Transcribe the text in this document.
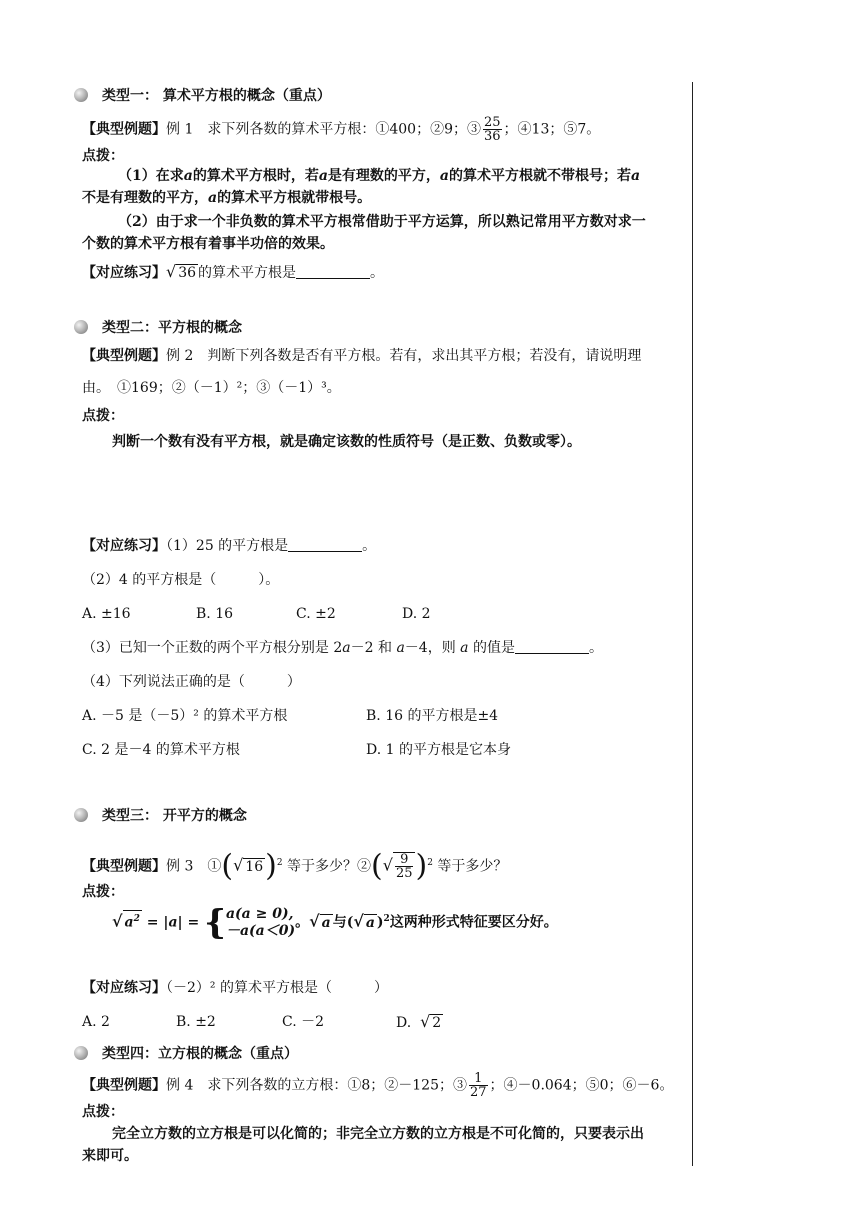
类型一： 算术平方根的概念（重点）
【典型例题】例 1　求下列各数的算术平方根：①400；②9；③ $\frac{25}{36}$ ；④13；⑤7。
点拨：
（1）在求a的算术平方根时，若a是有理数的平方，a的算术平方根就不带根号；若a
不是有理数的平方，a的算术平方根就带根号。
（2）由于求一个非负数的算术平方根常借助于平方运算，所以熟记常用平方数对求一
个数的算术平方根有着事半功倍的效果。
【对应练习】√ 36 的算术平方根是	。
类型二：平方根的概念
【典型例题】例 2　判断下列各数是否有平方根。若有，求出其平方根；若没有，请说明理
由。　①169；②（－1）²；③（－1）³。
点拨：
判断一个数有没有平方根，就是确定该数的性质符号（是正数、负数或零）。
【对应练习】（1）25 的平方根是	。
（2）4 的平方根是（　　　）。
A. ±16	B. 16	C. ±2	D. 2
（3）已知一个正数的两个平方根分别是 2a－2 和 a－4，则 a 的值是	。
（4）下列说法正确的是（　　　）
A. －5 是（－5）² 的算术平方根	B. 16 的平方根是±4
C. 2 是－4 的算术平方根	D. 1 的平方根是它本身
类型三： 开平方的概念
【典型例题】例 3　①(√ 16)$^2$ 等于多少？②(√ $\frac{9}{25} )^2$ 等于多少？
点拨：
√ $a^2 = |a|$ = { a(a ≥ 0),
－a(a＜0) 。√ a 与(√ a )$^2$这两种形式特征要区分好。
【对应练习】（－2）² 的算术平方根是（　　　）
A. 2	B. ±2	C. －2	D. √ 2
类型四：立方根的概念（重点）
【典型例题】例 4　求下列各数的立方根：①8；②－125；③ $\frac{1}{27}$ ；④－0.064；⑤0；⑥－6。
点拨：
完全立方数的立方根是可以化简的；非完全立方数的立方根是不可化简的，只要表示出
来即可。
